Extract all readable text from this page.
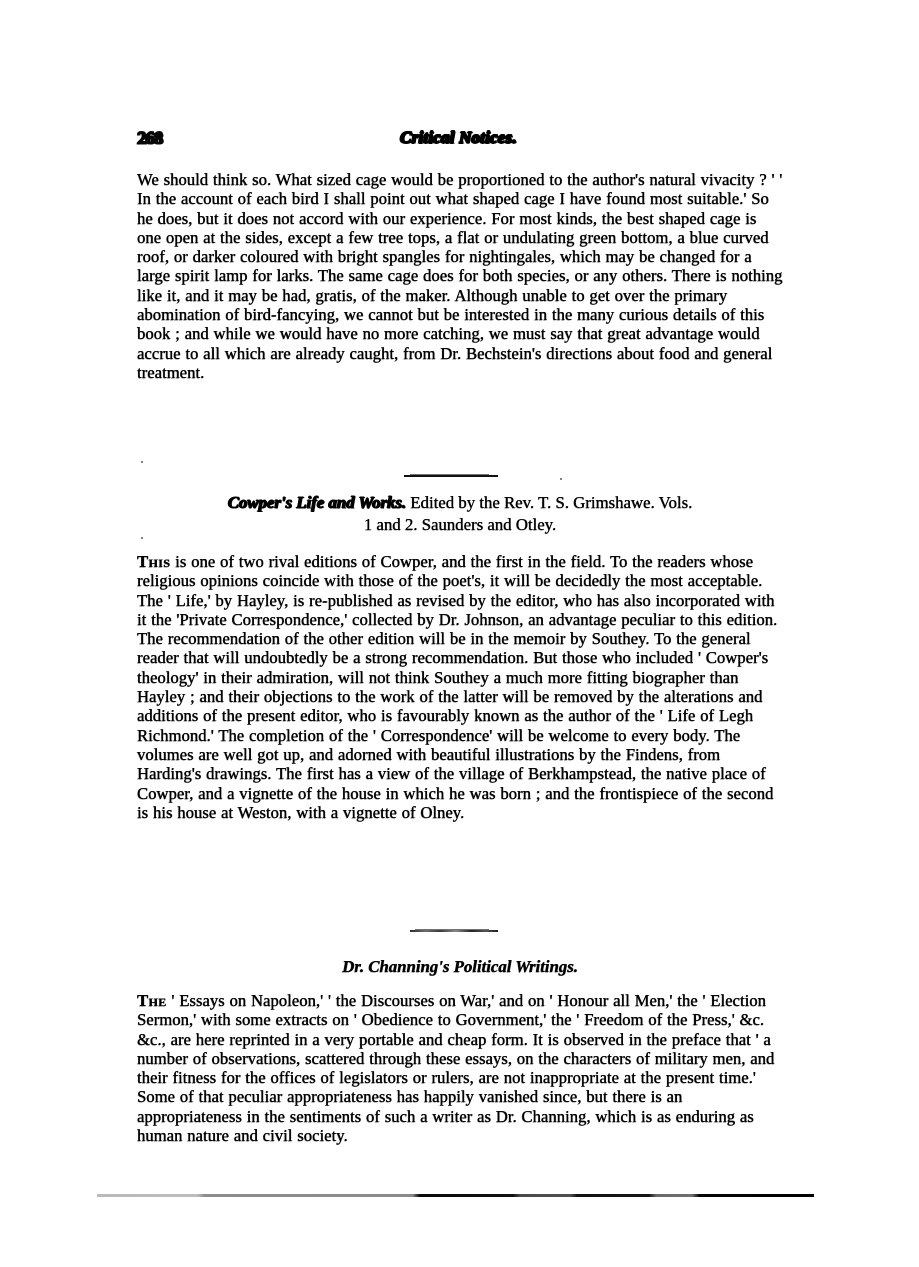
268	Critical Notices.

We should think so. What sized cage would be proportioned to the author's natural vivacity ? ' ' In the account of each bird I shall point out what shaped cage I have found most suitable.' So he does, but it does not accord with our experience. For most kinds, the best shaped cage is one open at the sides, except a few tree tops, a flat or undulating green bottom, a blue curved roof, or darker coloured with bright spangles for nightingales, which may be changed for a large spirit lamp for larks. The same cage does for both species, or any others. There is nothing like it, and it may be had, gratis, of the maker. Although unable to get over the primary abomination of bird-fancying, we cannot but be interested in the many curious details of this book ; and while we would have no more catching, we must say that great advantage would accrue to all which are already caught, from Dr. Bechstein's directions about food and general treatment.

Cowper's Life and Works. Edited by the Rev. T. S. Grimshawe. Vols.
1 and 2. Saunders and Otley.

This is one of two rival editions of Cowper, and the first in the field. To the readers whose religious opinions coincide with those of the poet's, it will be decidedly the most acceptable. The ' Life,' by Hayley, is re-published as revised by the editor, who has also incorporated with it the 'Private Correspondence,' collected by Dr. Johnson, an advantage peculiar to this edition. The recommendation of the other edition will be in the memoir by Southey. To the general reader that will undoubtedly be a strong recommendation. But those who included ' Cowper's theology' in their admiration, will not think Southey a much more fitting biographer than Hayley ; and their objections to the work of the latter will be removed by the alterations and additions of the present editor, who is favourably known as the author of the ' Life of Legh Richmond.' The completion of the ' Correspondence' will be welcome to every body. The volumes are well got up, and adorned with beautiful illustrations by the Findens, from Harding's drawings. The first has a view of the village of Berkhampstead, the native place of Cowper, and a vignette of the house in which he was born ; and the frontispiece of the second is his house at Weston, with a vignette of Olney.

Dr. Channing's Political Writings.

The ' Essays on Napoleon,' ' the Discourses on War,' and on ' Honour all Men,' the ' Election Sermon,' with some extracts on ' Obedience to Government,' the ' Freedom of the Press,' &c. &c., are here reprinted in a very portable and cheap form. It is observed in the preface that ' a number of observations, scattered through these essays, on the characters of military men, and their fitness for the offices of legislators or rulers, are not inappropriate at the present time.' Some of that peculiar appropriateness has happily vanished since, but there is an appropriateness in the sentiments of such a writer as Dr. Channing, which is as enduring as human nature and civil society.
